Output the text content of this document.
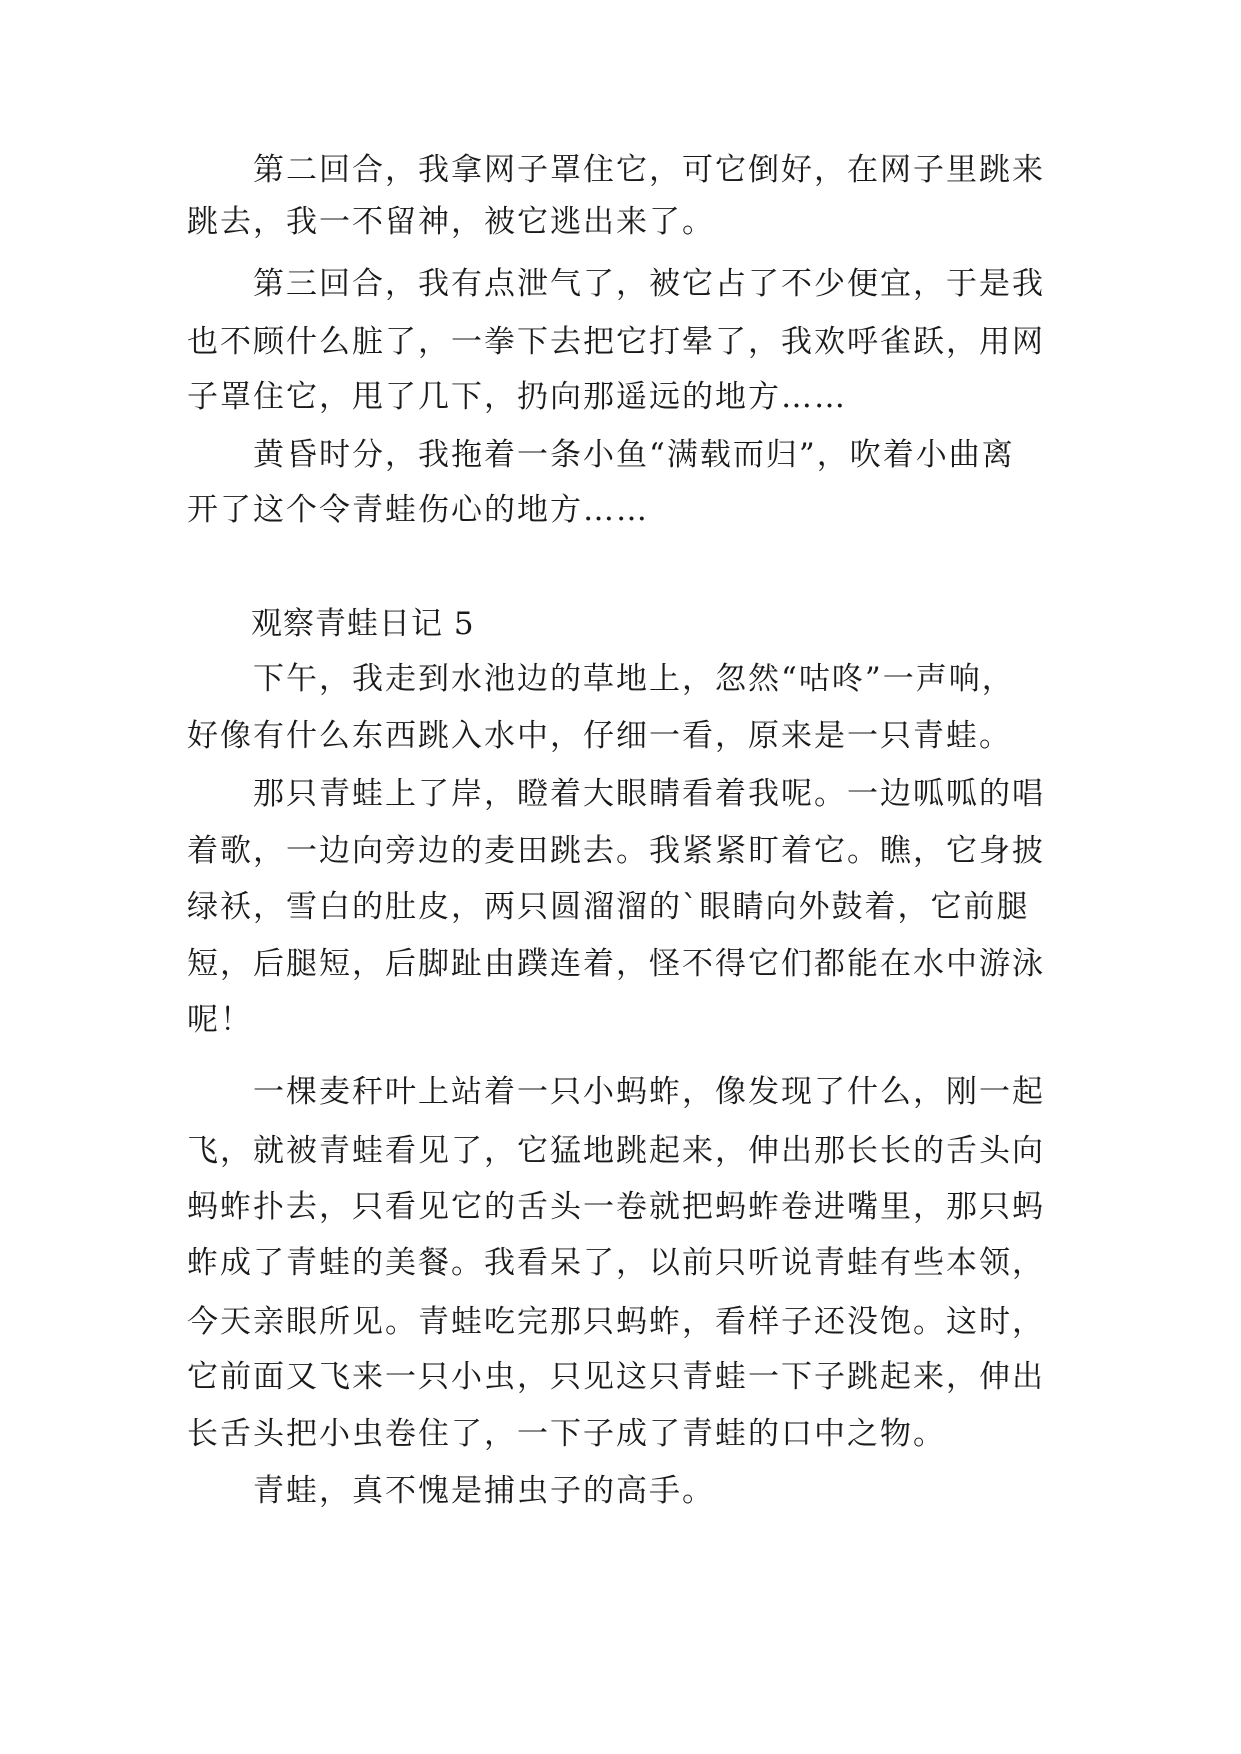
　　第二回合，我拿网子罩住它，可它倒好，在网子里跳来
跳去，我一不留神，被它逃出来了。
　　第三回合，我有点泄气了，被它占了不少便宜，于是我
也不顾什么脏了，一拳下去把它打晕了，我欢呼雀跃，用网
子罩住它，甩了几下，扔向那遥远的地方……
　　黄昏时分，我拖着一条小鱼“满载而归”，吹着小曲离
开了这个令青蛙伤心的地方……
　　观察青蛙日记 5
　　下午，我走到水池边的草地上，忽然“咕咚”一声响，
好像有什么东西跳入水中，仔细一看，原来是一只青蛙。
　　那只青蛙上了岸，瞪着大眼睛看着我呢。一边呱呱的唱
着歌，一边向旁边的麦田跳去。我紧紧盯着它。瞧，它身披
绿袄，雪白的肚皮，两只圆溜溜的`眼睛向外鼓着，它前腿
短，后腿短，后脚趾由蹼连着，怪不得它们都能在水中游泳
呢！
　　一棵麦秆叶上站着一只小蚂蚱，像发现了什么，刚一起
飞，就被青蛙看见了，它猛地跳起来，伸出那长长的舌头向
蚂蚱扑去，只看见它的舌头一卷就把蚂蚱卷进嘴里，那只蚂
蚱成了青蛙的美餐。我看呆了，以前只听说青蛙有些本领，
今天亲眼所见。青蛙吃完那只蚂蚱，看样子还没饱。这时，
它前面又飞来一只小虫，只见这只青蛙一下子跳起来，伸出
长舌头把小虫卷住了，一下子成了青蛙的口中之物。
　　青蛙，真不愧是捕虫子的高手。
